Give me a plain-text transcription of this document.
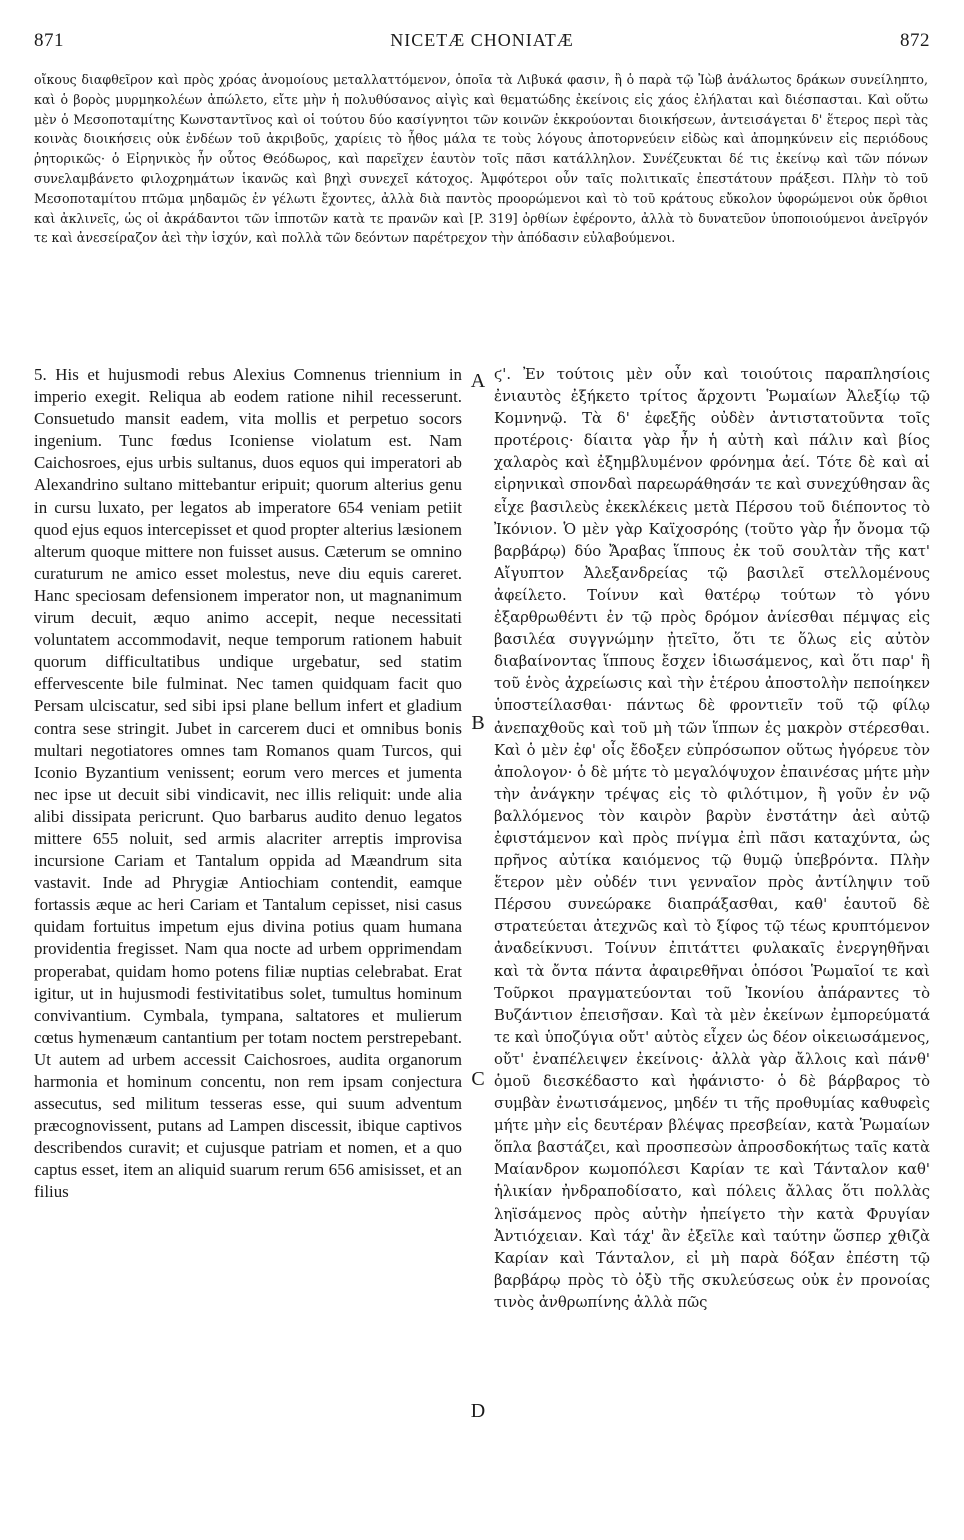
871	NICETÆ CHONIATÆ	872
οἴκους διαφθεῖρον καὶ πρὸς χρόας ἀνομοίους μεταλλαττόμενον, ὁποῖα τὰ Λιβυκά φασιν, ἢ ὁ παρὰ τῷ Ἰὼβ ἀνάλωτος δράκων συνείληπτο, καὶ ὁ βορὸς μυρμηκολέων ἀπώλετο, εἴτε μὴν ἡ πολυθύσανος αἰγὶς καὶ θεματώδης ἐκείνοις εἰς χάος ἐλήλαται καὶ διέσπασται. Καὶ οὕτω μὲν ὁ Μεσοποταμίτης Κωνσταντῖνος καὶ οἱ τούτου δύο κασίγνητοι τῶν κοινῶν ἐκκρούονται διοικήσεων, ἀντεισάγεται δ' ἕτερος περὶ τὰς κοινὰς διοικήσεις οὐκ ἐνδέων τοῦ ἀκριβοῦς, χαρίεις τὸ ἦθος μάλα τε τοὺς λόγους ἀποτορνεύειν εἰδὼς καὶ ἀπομηκύνειν εἰς περιόδους ῥητορικῶς· ὁ Εἰρηνικὸς ἦν οὗτος Θεόδωρος, καὶ παρεῖχεν ἑαυτὸν τοῖς πᾶσι κατάλληλον. Συνέζευκται δέ τις ἐκείνῳ καὶ τῶν πόνων συνελαμβάνετο φιλοχρημάτων ἱκανῶς καὶ βηχὶ συνεχεῖ κάτοχος. Ἀμφότεροι οὖν ταῖς πολιτικαῖς ἐπεστάτουν πράξεσι. Πλὴν τὸ τοῦ Μεσοποταμίτου πτῶμα μηδαμῶς ἐν γέλωτι ἔχοντες, ἀλλὰ διὰ παντὸς προορώμενοι καὶ τὸ τοῦ κράτους εὔκολον ὑφορώμενοι οὐκ ὄρθιοι καὶ ἀκλινεῖς, ὡς οἱ ἀκράδαντοι τῶν ἱπποτῶν κατὰ τε πρανῶν καὶ [P. 319] ὀρθίων ἐφέροντο, ἀλλὰ τὸ δυνατεῦον ὑποποιούμενοι ἀνεῖργόν τε καὶ ἀνεσείραζον ἀεὶ τὴν ἰσχύν, καὶ πολλὰ τῶν δεόντων παρέτρεχον τὴν ἀπόδασιν εὐλαβούμενοι.
5. His et hujusmodi rebus Alexius Comnenus triennium in imperio exegit. Reliqua ab eodem ratione nihil recesserunt. Consuetudo mansit eadem, vita mollis et perpetuo socors ingenium. Tunc fœdus Iconiense violatum est. Nam Caichosroes, ejus urbis sultanus, duos equos qui imperatori ab Alexandrino sultano mittebantur eripuit; quorum alterius genu in cursu luxato, per legatos ab imperatore 654 veniam petiit quod ejus equos intercepisset et quod propter alterius læsionem alterum quoque mittere non fuisset ausus. Cæterum se omnino curaturum ne amico esset molestus, neve diu equis careret. Hanc speciosam defensionem imperator non, ut magnanimum virum decuit, æquo animo accepit, neque necessitati voluntatem accommodavit, neque temporum rationem habuit quorum difficultatibus undique urgebatur, sed statim effervescente bile fulminat. Nec tamen quidquam facit quo Persam ulciscatur, sed sibi ipsi plane bellum infert et gladium contra sese stringit. Jubet in carcerem duci et omnibus bonis multari negotiatores omnes tam Romanos quam Turcos, qui Iconio Byzantium venissent; eorum vero merces et jumenta nec ipse ut decuit sibi vindicavit, nec illis reliquit: unde alia alibi dissipata pericrunt. Quo barbarus audito denuo legatos mittere 655 noluit, sed armis alacriter arreptis improvisa incursione Cariam et Tantalum oppida ad Mæandrum sita vastavit. Inde ad Phrygiæ Antiochiam contendit, eamque fortassis æque ac heri Cariam et Tantalum cepisset, nisi casus quidam fortuitus impetum ejus divina potius quam humana providentia fregisset. Nam qua nocte ad urbem opprimendam properabat, quidam homo potens filiæ nuptias celebrabat. Erat igitur, ut in hujusmodi festivitatibus solet, tumultus hominum convivantium. Cymbala, tympana, saltatores et mulierum cœtus hymenæum cantantium per totam noctem perstrepebant. Ut autem ad urbem accessit Caichosroes, audita organorum harmonia et hominum concentu, non rem ipsam conjectura assecutus, sed militum tesseras esse, qui suum adventum præcognovissent, putans ad Lampen discessit, ibique captivos describendos curavit; et cujusque patriam et nomen, et a quo captus esset, item an aliquid suarum rerum 656 amisisset, et an filius
A
B
C
D
ϛ'. Ἐν τούτοις μὲν οὖν καὶ τοιούτοις παραπλησίοις ἐνιαυτὸς ἐξήκετο τρίτος ἄρχοντι Ῥωμαίων Ἀλεξίῳ τῷ Κομνηνῷ. Τὰ δ' ἐφεξῆς οὐδὲν ἀντιστατοῦντα τοῖς προτέροις· δίαιτα γὰρ ἦν ἡ αὐτὴ καὶ πάλιν καὶ βίος χαλαρὸς καὶ ἐξημβλυμένον φρόνημα ἀεί. Τότε δὲ καὶ αἱ εἰρηνικαὶ σπονδαὶ παρεωράθησάν τε καὶ συνεχύθησαν ἃς εἶχε βασιλεὺς ἐκεκλέκεις μετὰ Πέρσου τοῦ διέποντος τὸ Ἰκόνιον. Ὁ μὲν γὰρ Καϊχοσρόης (τοῦτο γὰρ ἦν ὄνομα τῷ βαρβάρῳ) δύο Ἄραβας ἵππους ἐκ τοῦ σουλτὰν τῆς κατ' Αἴγυπτον Ἀλεξανδρείας τῷ βασιλεῖ στελλομένους ἀφείλετο. Τοίνυν καὶ θατέρῳ τούτων τὸ γόνυ ἐξαρθρωθέντι ἐν τῷ πρὸς δρόμον ἀνίεσθαι πέμψας εἰς βασιλέα συγγνώμην ᾐτεῖτο, ὅτι τε ὅλως εἰς αὐτὸν διαβαίνοντας ἵππους ἔσχεν ἰδιωσάμενος, καὶ ὅτι παρ' ἣ τοῦ ἑνὸς ἀχρείωσις καὶ τὴν ἑτέρου ἀποστολὴν πεποίηκεν ὑποστείλασθαι· πάντως δὲ φροντιεῖν τοῦ τῷ φίλῳ ἀνεπαχθοῦς καὶ τοῦ μὴ τῶν ἵππων ἐς μακρὸν στέρεσθαι. Καὶ ὁ μὲν ἐφ' οἷς ἔδοξεν εὐπρόσωπον οὕτως ἠγόρευε τὸν ἀπολογον· ὁ δὲ μήτε τὸ μεγαλόψυχον ἐπαινέσας μήτε μὴν τὴν ἀνάγκην τρέψας εἰς τὸ φιλότιμον, ἢ γοῦν ἐν νῷ βαλλόμενος τὸν καιρὸν βαρὺν ἐνστάτην ἀεὶ αὐτῷ ἐφιστάμενον καὶ πρὸς πνίγμα ἐπὶ πᾶσι καταχύντα, ὡς πρῆνος αὐτίκα καιόμενος τῷ θυμῷ ὑπεβρόντα. Πλὴν ἕτερον μὲν οὐδέν τινι γενναῖον πρὸς ἀντίληψιν τοῦ Πέρσου συνεώρακε διαπράξασθαι, καθ' ἑαυτοῦ δὲ στρατεύεται ἀτεχνῶς καὶ τὸ ξίφος τῷ τέως κρυπτόμενον ἀναδείκνυσι. Τοίνυν ἐπιτάττει φυλακαῖς ἐνεργηθῆναι καὶ τὰ ὄντα πάντα ἀφαιρεθῆναι ὁπόσοι Ῥωμαῖοί τε καὶ Τοῦρκοι πραγματεύονται τοῦ Ἰκονίου ἀπάραντες τὸ Βυζάντιον ἐπεισῆσαν. Καὶ τὰ μὲν ἐκείνων ἐμπορεύματά τε καὶ ὑποζύγια οὔτ' αὐτὸς εἶχεν ὡς δέον οἰκειωσάμενος, οὔτ' ἐναπέλειψεν ἐκείνοις· ἀλλὰ γὰρ ἄλλοις καὶ πάνθ' ὁμοῦ διεσκέδαστο καὶ ἠφάνιστο· ὁ δὲ βάρβαρος τὸ συμβὰν ἐνωτισάμενος, μηδέν τι τῆς προθυμίας καθυφεὶς μήτε μὴν εἰς δευτέραν βλέψας πρεσβείαν, κατὰ Ῥωμαίων ὅπλα βαστάζει, καὶ προσπεσὼν ἀπροσδοκήτως ταῖς κατὰ Μαίανδρον κωμοπόλεσι Καρίαν τε καὶ Τάνταλον καθ' ἡλικίαν ἠνδραποδίσατο, καὶ πόλεις ἄλλας ὅτι πολλὰς ληϊσάμενος πρὸς αὐτὴν ἠπείγετο τὴν κατὰ Φρυγίαν Ἀντιόχειαν. Καὶ τάχ' ἂν ἐξεῖλε καὶ ταύτην ὥσπερ χθιζὰ Καρίαν καὶ Τάνταλον, εἰ μὴ παρὰ δόξαν ἐπέστη τῷ βαρβάρῳ πρὸς τὸ ὀξὺ τῆς σκυλεύσεως οὐκ ἐν προνοίας τινὸς ἀνθρωπίνης ἀλλὰ πῶς
